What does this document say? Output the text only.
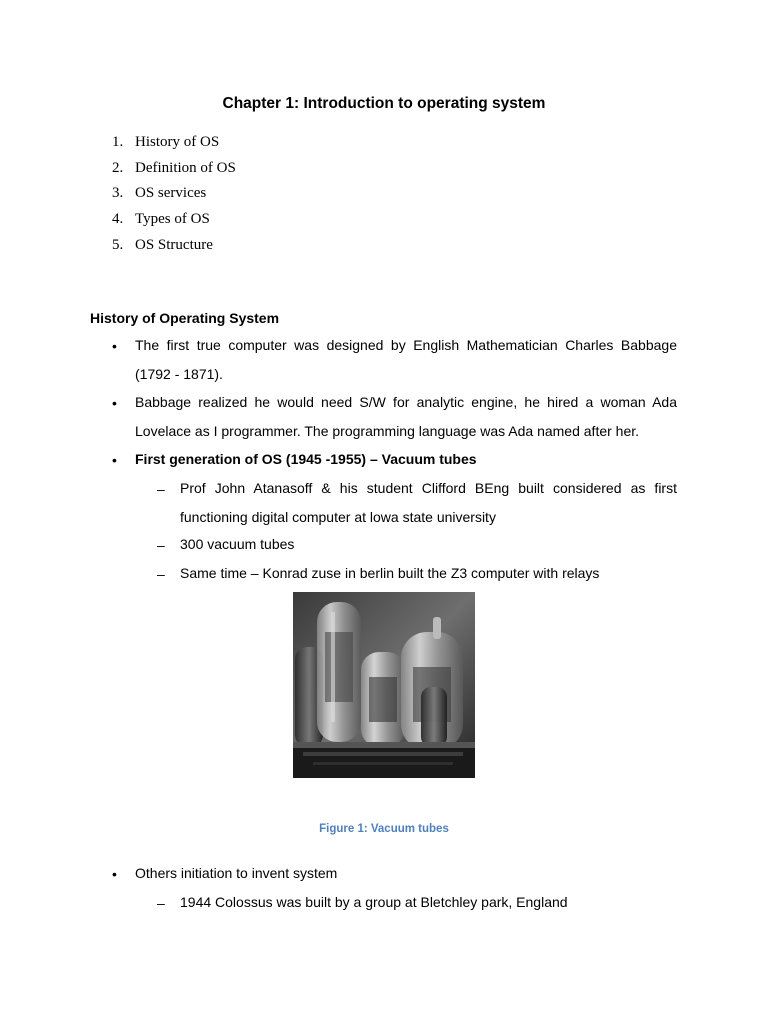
Chapter 1: Introduction to operating system
1. History of OS
2. Definition of OS
3. OS services
4. Types of OS
5. OS Structure
History of Operating System
• The first true computer was designed by English Mathematician Charles Babbage (1792 - 1871).
• Babbage realized he would need S/W for analytic engine, he hired a woman Ada Lovelace as I programmer. The programming language was Ada named after her.
• First generation of OS (1945 -1955) – Vacuum tubes
– Prof John Atanasoff & his student Clifford BEng built considered as first functioning digital computer at lowa state university
– 300 vacuum tubes
– Same time – Konrad zuse in berlin built the Z3 computer with relays
Figure 1: Vacuum tubes
• Others initiation to invent system
– 1944 Colossus was built by a group at Bletchley park, England
